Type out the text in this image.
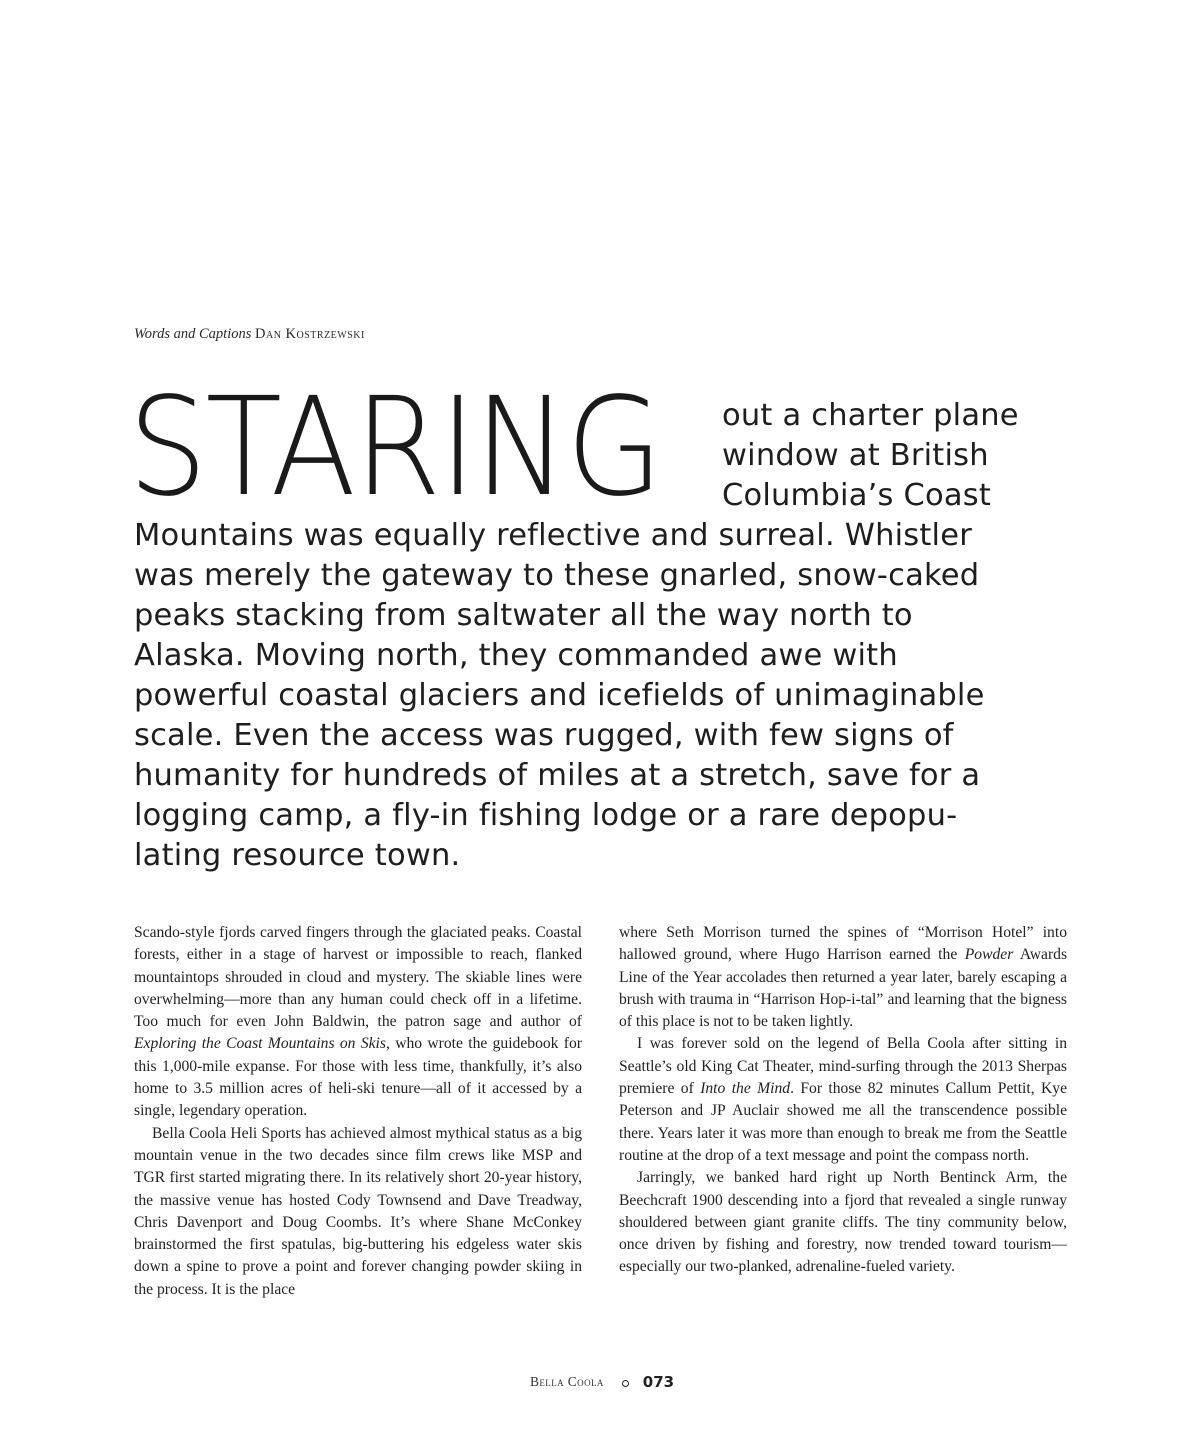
Words and Captions Dan Kostrzewski
STARING out a charter plane
window at British
Columbia’s Coast
Mountains was equally reflective and surreal. Whistler
was merely the gateway to these gnarled, snow-caked
peaks stacking from saltwater all the way north to
Alaska. Moving north, they commanded awe with
powerful coastal glaciers and icefields of unimaginable
scale. Even the access was rugged, with few signs of
humanity for hundreds of miles at a stretch, save for a
logging camp, a fly-in fishing lodge or a rare depopu-
lating resource town.

Scando-style fjords carved fingers through the glaciated peaks. Coastal forests, either in a stage of harvest or impossible to reach, flanked mountaintops shrouded in cloud and mystery. The skiable lines were overwhelming—more than any human could check off in a lifetime. Too much for even John Baldwin, the patron sage and author of Exploring the Coast Mountains on Skis, who wrote the guidebook for this 1,000-mile expanse. For those with less time, thankfully, it’s also home to 3.5 million acres of heli-ski tenure—all of it accessed by a single, legendary operation.

Bella Coola Heli Sports has achieved almost mythical status as a big mountain venue in the two decades since film crews like MSP and TGR first started migrating there. In its relatively short 20-year history, the massive venue has hosted Cody Townsend and Dave Treadway, Chris Davenport and Doug Coombs. It’s where Shane McConkey brainstormed the first spatulas, big-buttering his edgeless water skis down a spine to prove a point and forever changing powder skiing in the process. It is the place

where Seth Morrison turned the spines of “Morrison Hotel” into hallowed ground, where Hugo Harrison earned the Powder Awards Line of the Year accolades then returned a year later, barely escaping a brush with trauma in “Harrison Hop-i-tal” and learning that the bigness of this place is not to be taken lightly.

I was forever sold on the legend of Bella Coola after sitting in Seattle’s old King Cat Theater, mind-surfing through the 2013 Sherpas premiere of Into the Mind. For those 82 minutes Callum Pettit, Kye Peterson and JP Auclair showed me all the transcendence possible there. Years later it was more than enough to break me from the Seattle routine at the drop of a text message and point the compass north.

Jarringly, we banked hard right up North Bentinck Arm, the Beechcraft 1900 descending into a fjord that revealed a single runway shouldered between giant granite cliffs. The tiny community below, once driven by fishing and forestry, now trended toward tourism—especially our two-planked, adrenaline-fueled variety.

Bella Coola	073
